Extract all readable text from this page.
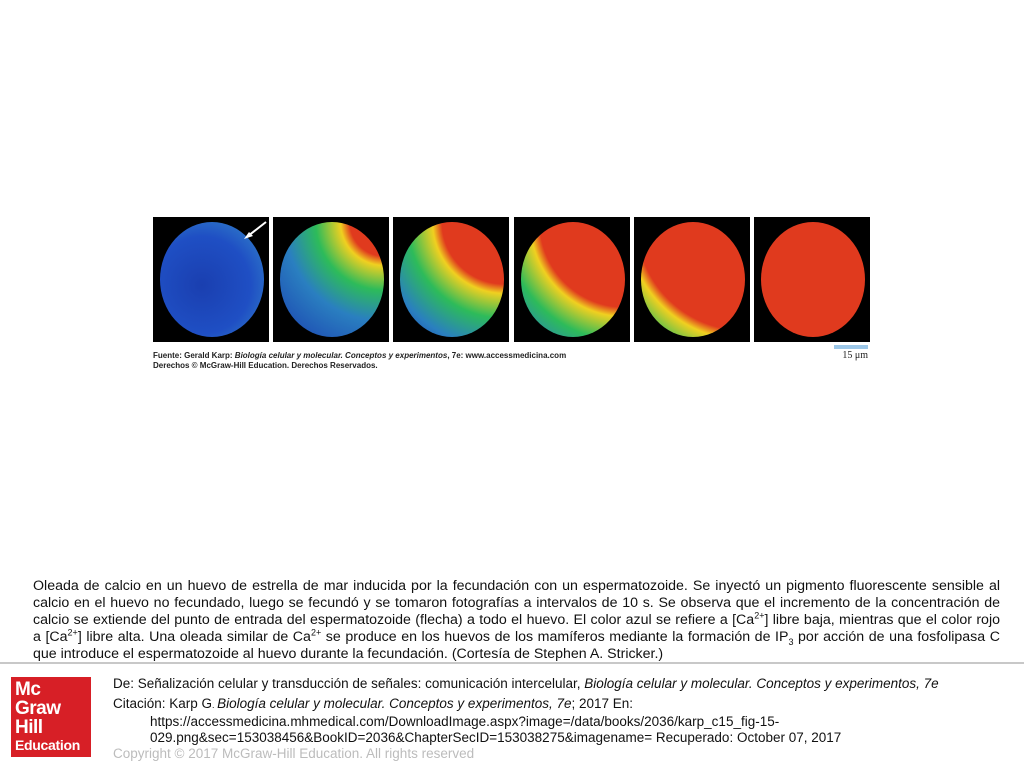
15 μm
Fuente: Gerald Karp: Biología celular y molecular. Conceptos y experimentos, 7e: www.accessmedicina.com
Derechos © McGraw-Hill Education. Derechos Reservados.
Oleada de calcio en un huevo de estrella de mar inducida por la fecundación con un espermatozoide. Se inyectó un pigmento fluorescente sensible al calcio en el huevo no fecundado, luego se fecundó y se tomaron fotografías a intervalos de 10 s. Se observa que el incremento de la concentración de calcio se extiende del punto de entrada del espermatozoide (flecha) a todo el huevo. El color azul se refiere a $[Ca^{2+}]$ libre baja, mientras que el color rojo a $[Ca^{2+}]$ libre alta. Una oleada similar de $Ca^{2+}$ se produce en los huevos de los mamíferos mediante la formación de $IP_3$ por acción de una fosfolipasa C que introduce el espermatozoide al huevo durante la fecundación. (Cortesía de Stephen A. Stricker.)
Mc
Graw
Hill
Education
De: Señalización celular y transducción de señales: comunicación intercelular, Biología celular y molecular. Conceptos y experimentos, 7e
Citación: Karp G. Biología celular y molecular. Conceptos y experimentos, 7e; 2017 En:
https://accessmedicina.mhmedical.com/DownloadImage.aspx?image=/data/books/2036/karp_c15_fig-15-029.png&sec=153038456&BookID=2036&ChapterSecID=153038275&imagename= Recuperado: October 07, 2017
Copyright © 2017 McGraw-Hill Education. All rights reserved
